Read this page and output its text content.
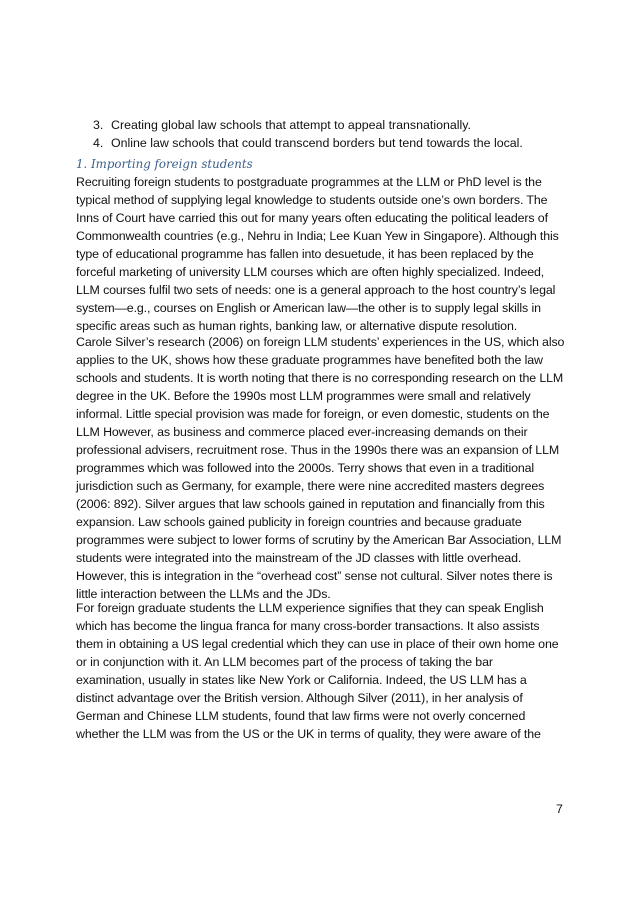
3. Creating global law schools that attempt to appeal transnationally.
4. Online law schools that could transcend borders but tend towards the local.
1. Importing foreign students

Recruiting foreign students to postgraduate programmes at the LLM or PhD level is the
typical method of supplying legal knowledge to students outside one’s own borders. The
Inns of Court have carried this out for many years often educating the political leaders of
Commonwealth countries (e.g., Nehru in India; Lee Kuan Yew in Singapore). Although this
type of educational programme has fallen into desuetude, it has been replaced by the
forceful marketing of university LLM courses which are often highly specialized. Indeed,
LLM courses fulfil two sets of needs: one is a general approach to the host country’s legal
system—e.g., courses on English or American law—the other is to supply legal skills in
specific areas such as human rights, banking law, or alternative dispute resolution.

Carole Silver’s research (2006) on foreign LLM students’ experiences in the US, which also
applies to the UK, shows how these graduate programmes have benefited both the law
schools and students. It is worth noting that there is no corresponding research on the LLM
degree in the UK. Before the 1990s most LLM programmes were small and relatively
informal. Little special provision was made for foreign, or even domestic, students on the
LLM However, as business and commerce placed ever-increasing demands on their
professional advisers, recruitment rose. Thus in the 1990s there was an expansion of LLM
programmes which was followed into the 2000s. Terry shows that even in a traditional
jurisdiction such as Germany, for example, there were nine accredited masters degrees
(2006: 892). Silver argues that law schools gained in reputation and financially from this
expansion. Law schools gained publicity in foreign countries and because graduate
programmes were subject to lower forms of scrutiny by the American Bar Association, LLM
students were integrated into the mainstream of the JD classes with little overhead.
However, this is integration in the “overhead cost” sense not cultural. Silver notes there is
little interaction between the LLMs and the JDs.

For foreign graduate students the LLM experience signifies that they can speak English
which has become the lingua franca for many cross-border transactions. It also assists
them in obtaining a US legal credential which they can use in place of their own home one
or in conjunction with it. An LLM becomes part of the process of taking the bar
examination, usually in states like New York or California. Indeed, the US LLM has a
distinct advantage over the British version. Although Silver (2011), in her analysis of
German and Chinese LLM students, found that law firms were not overly concerned
whether the LLM was from the US or the UK in terms of quality, they were aware of the

7
